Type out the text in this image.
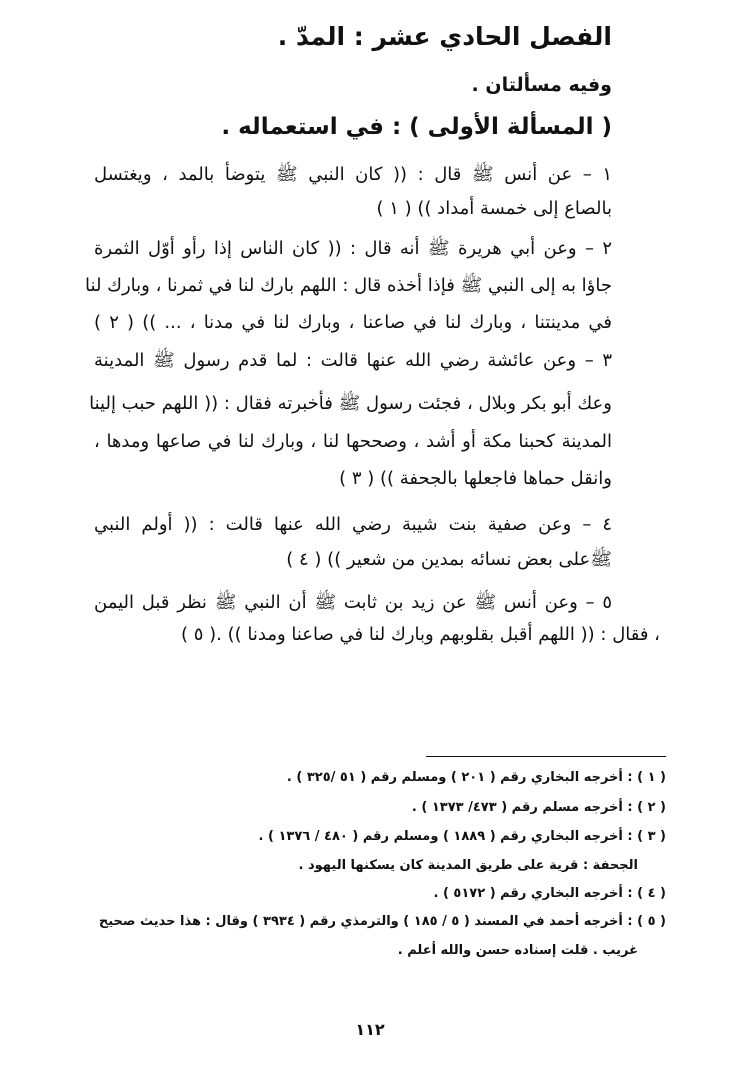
الفصل الحادي عشر : المدّ .
وفيه مسألتان .
( المسألة الأولى ) : في استعماله .
١ – عن أنس ﷺ قال : (( كان النبي ﷺ يتوضأ بالمد ، ويغتسل
بالصاع إلى خمسة أمداد )) ( ١ )
٢ – وعن أبي هريرة ﷺ أنه قال : (( كان الناس إذا رأو أوّل الثمرة
جاؤا به إلى النبي ﷺ فإذا أخذه قال : اللهم بارك لنا في ثمرنا ، وبارك لنا
في مدينتنا ، وبارك لنا في صاعنا ، وبارك لنا في مدنا ، ... )) ( ٢ )
٣ – وعن عائشة رضي الله عنها قالت : لما قدم رسول ﷺ المدينة
وعك أبو بكر وبلال ، فجئت رسول ﷺ فأخبرته فقال : (( اللهم حبب إلينا
المدينة كحبنا مكة أو أشد ، وصححها لنا ، وبارك لنا في صاعها ومدها ،
وانقل حماها فاجعلها بالجحفة )) ( ٣ )
٤ – وعن صفية بنت شيبة رضي الله عنها قالت : (( أولم النبي
ﷺعلى بعض نسائه بمدين من شعير )) ( ٤ )
٥ – وعن أنس ﷺ عن زيد بن ثابت ﷺ أن النبي ﷺ نظر قبل اليمن
، فقال : (( اللهم أقبل بقلوبهم وبارك لنا في صاعنا ومدنا )) .( ٥ )
( ١ ) : أخرجه البخاري رقم ( ٢٠١ ) ومسلم رقم ( ٥١ /٣٢٥ ) .
( ٢ ) : أخرجه مسلم رقم ( ٤٧٣/ ١٣٧٣ ) .
( ٣ ) : أخرجه البخاري رقم ( ١٨٨٩ ) ومسلم رقم ( ٤٨٠ / ١٣٧٦ ) .
الجحفة : قرية على طريق المدينة كان يسكنها اليهود .
( ٤ ) : أخرجه البخاري رقم ( ٥١٧٢ ) .
( ٥ ) : أخرجه أحمد في المسند ( ٥ / ١٨٥ ) والترمذي رقم ( ٣٩٣٤ ) وقال : هذا حديث صحيح
غريب . قلت إسناده حسن والله أعلم .
١١٢
